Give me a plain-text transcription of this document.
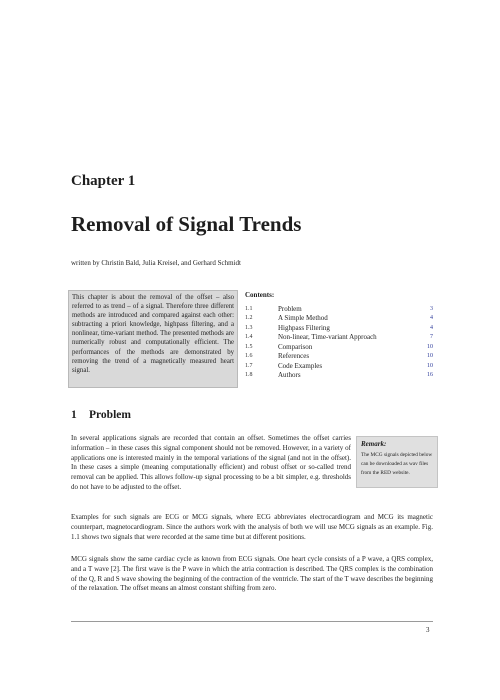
Chapter 1
Removal of Signal Trends

written by Christin Bald, Julia Kreisel, and Gerhard Schmidt

This chapter is about the removal of the offset – also referred to as trend – of a signal. Therefore three different methods are introduced and compared against each other: subtracting a priori knowledge, highpass filtering, and a nonlinear, time-variant method. The presented methods are numerically robust and computationally efficient. The performances of the methods are demonstrated by removing the trend of a magnetically measured heart signal.

Contents:

1.1	Problem	3
1.2	A Simple Method	4
1.3	Highpass Filtering	4
1.4	Non-linear, Time-variant Approach	7
1.5	Comparison	10
1.6	References	10
1.7	Code Examples	10
1.8	Authors	16
1 Problem

In several applications signals are recorded that contain an offset. Sometimes the offset carries information – in these cases this signal component should not be removed. However, in a variety of applications one is interested mainly in the temporal variations of the signal (and not in the offset). In these cases a simple (meaning computationally efficient) and robust offset or so-called trend removal can be applied. This allows follow-up signal processing to be a bit simpler, e.g. thresholds do not have to be adjusted to the offset.

Examples for such signals are ECG or MCG signals, where ECG abbreviates electrocardiogram and MCG its magnetic counterpart, magnetocardiogram. Since the authors work with the analysis of both we will use MCG signals as an example. Fig. 1.1 shows two signals that were recorded at the same time but at different positions.

MCG signals show the same cardiac cycle as known from ECG signals. One heart cycle consists of a P wave, a QRS complex, and a T wave [2]. The first wave is the P wave in which the atria contraction is described. The QRS complex is the combination of the Q, R and S wave showing the beginning of the contraction of the ventricle. The start of the T wave describes the beginning of the relaxation. The offset means an almost constant shifting from zero.

Remark:

The MCG signals depicted below can be downloaded as wav files from the RED website.

3
